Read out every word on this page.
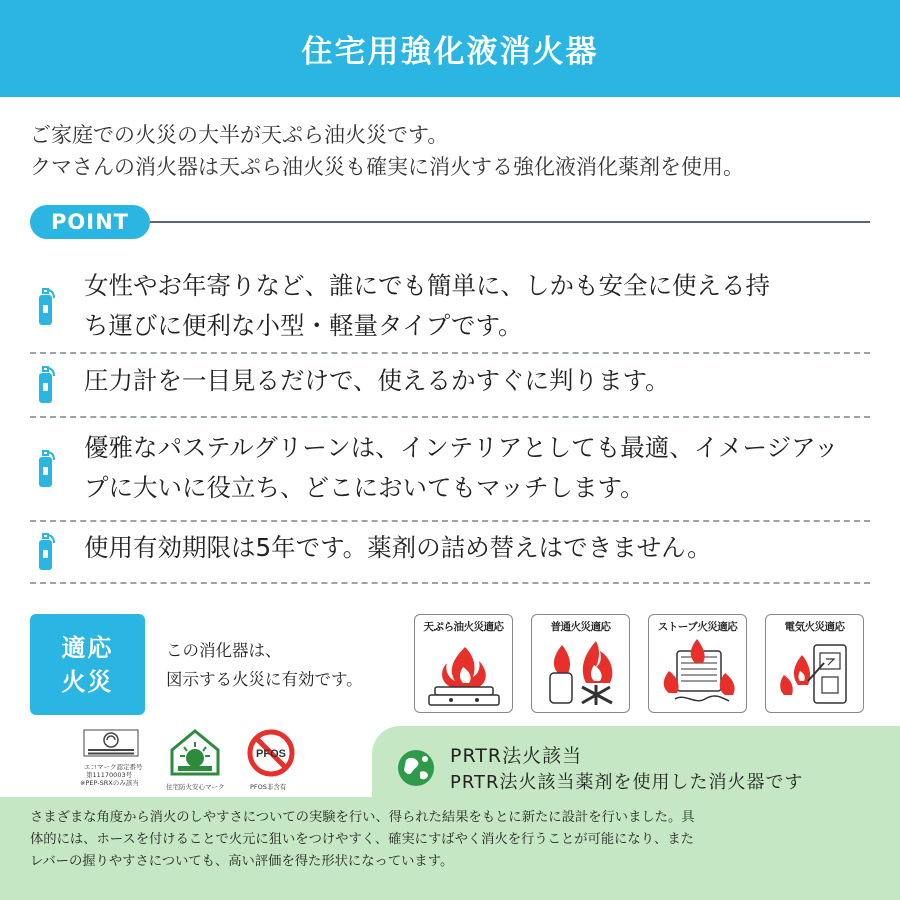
住宅用強化液消火器

ご家庭での火災の大半が天ぷら油火災です。

クマさんの消火器は天ぷら油火災も確実に消火する強化液消化薬剤を使用。

POINT
女性やお年寄りなど、誰にでも簡単に、しかも安全に使える持
ち運びに便利な小型・軽量タイプです。
圧力計を一目見るだけで、使えるかすぐに判ります。
優雅なパステルグリーンは、インテリアとしても最適、イメージアッ
プに大いに役立ち、どこにおいてもマッチします。
使用有効期限は5年です。薬剤の詰め替えはできません。
適応
火災
この消化器は、
図示する火災に有効です。
天ぷら油火災適応	普通火災適応	ストーブ火災適応	電気火災適応
PRTR法火該当
PRTR法火該当薬剤を使用した消火器です
エコマーク認定番号
第11170003号
※PEP-SRXのみ該当	住宅防火安心マーク
PFOS
PFOS非含有

さまざまな角度から消火のしやすさについての実験を行い、得られた結果をもとに新たに設計を行いました。具

体的には、ホースを付けることで火元に狙いをつけやすく、確実にすばやく消火を行うことが可能になり、また

レバーの握りやすさについても、高い評価を得た形状になっています。
